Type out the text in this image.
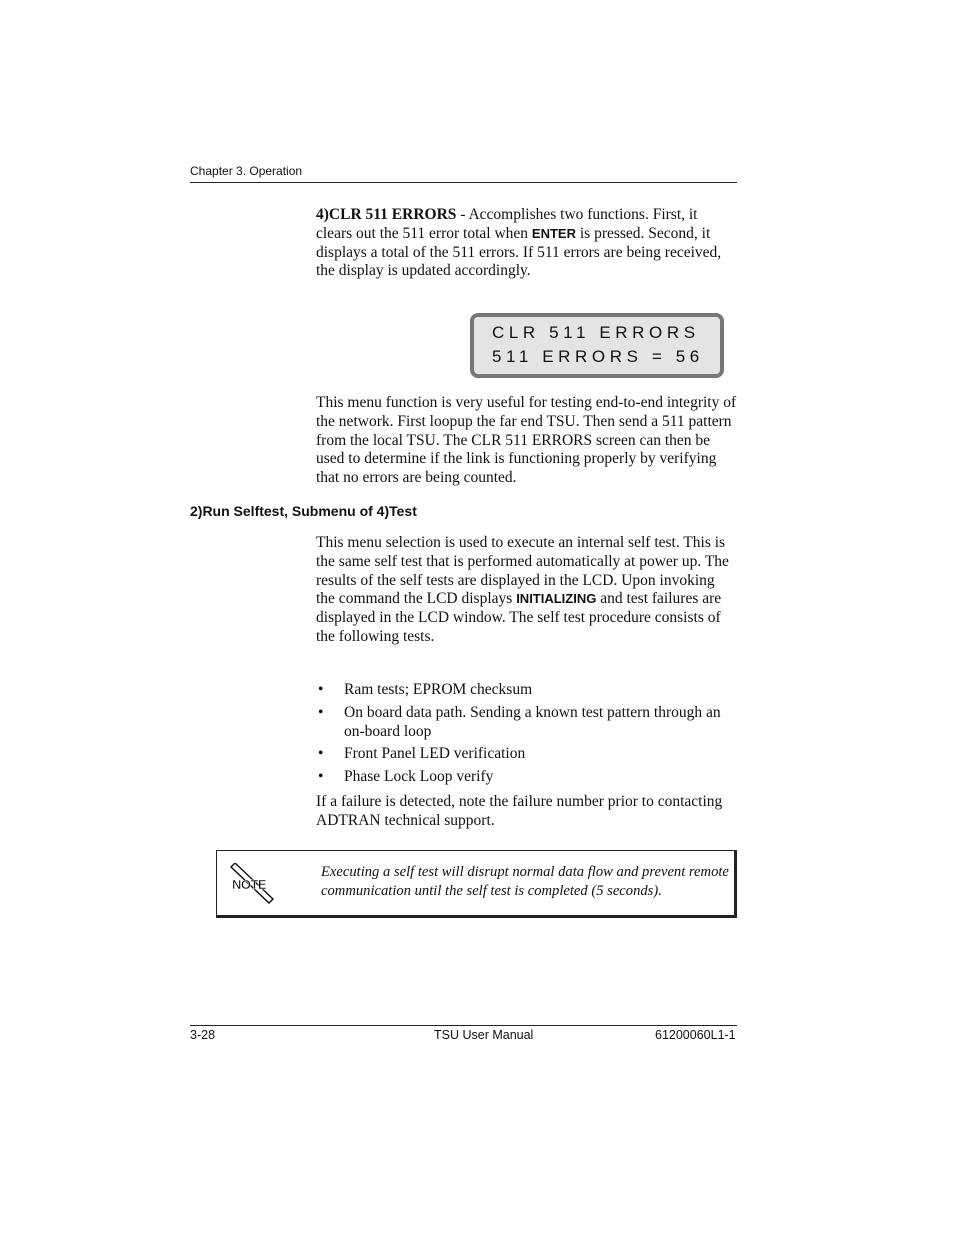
Chapter 3. Operation

4)CLR 511 ERRORS - Accomplishes two functions. First, it clears out the 511 error total when ENTER is pressed. Second, it displays a total of the 511 errors. If 511 errors are being received, the display is updated accordingly.

CLR 511 ERRORS
511 ERRORS = 56

This menu function is very useful for testing end-to-end integrity of the network. First loopup the far end TSU. Then send a 511 pattern from the local TSU. The CLR 511 ERRORS screen can then be used to determine if the link is functioning properly by verifying that no errors are being counted.

2)Run Selftest, Submenu of 4)Test

This menu selection is used to execute an internal self test. This is the same self test that is performed automatically at power up. The results of the self tests are displayed in the LCD. Upon invoking the command the LCD displays INITIALIZING and test failures are displayed in the LCD window. The self test procedure consists of the following tests.

• Ram tests; EPROM checksum
• On board data path. Sending a known test pattern through an on-board loop
• Front Panel LED verification
• Phase Lock Loop verify

If a failure is detected, note the failure number prior to contacting ADTRAN technical support.

NOTE
Executing a self test will disrupt normal data flow and prevent remote communication until the self test is completed (5 seconds).
3-28	TSU User Manual	61200060L1-1
